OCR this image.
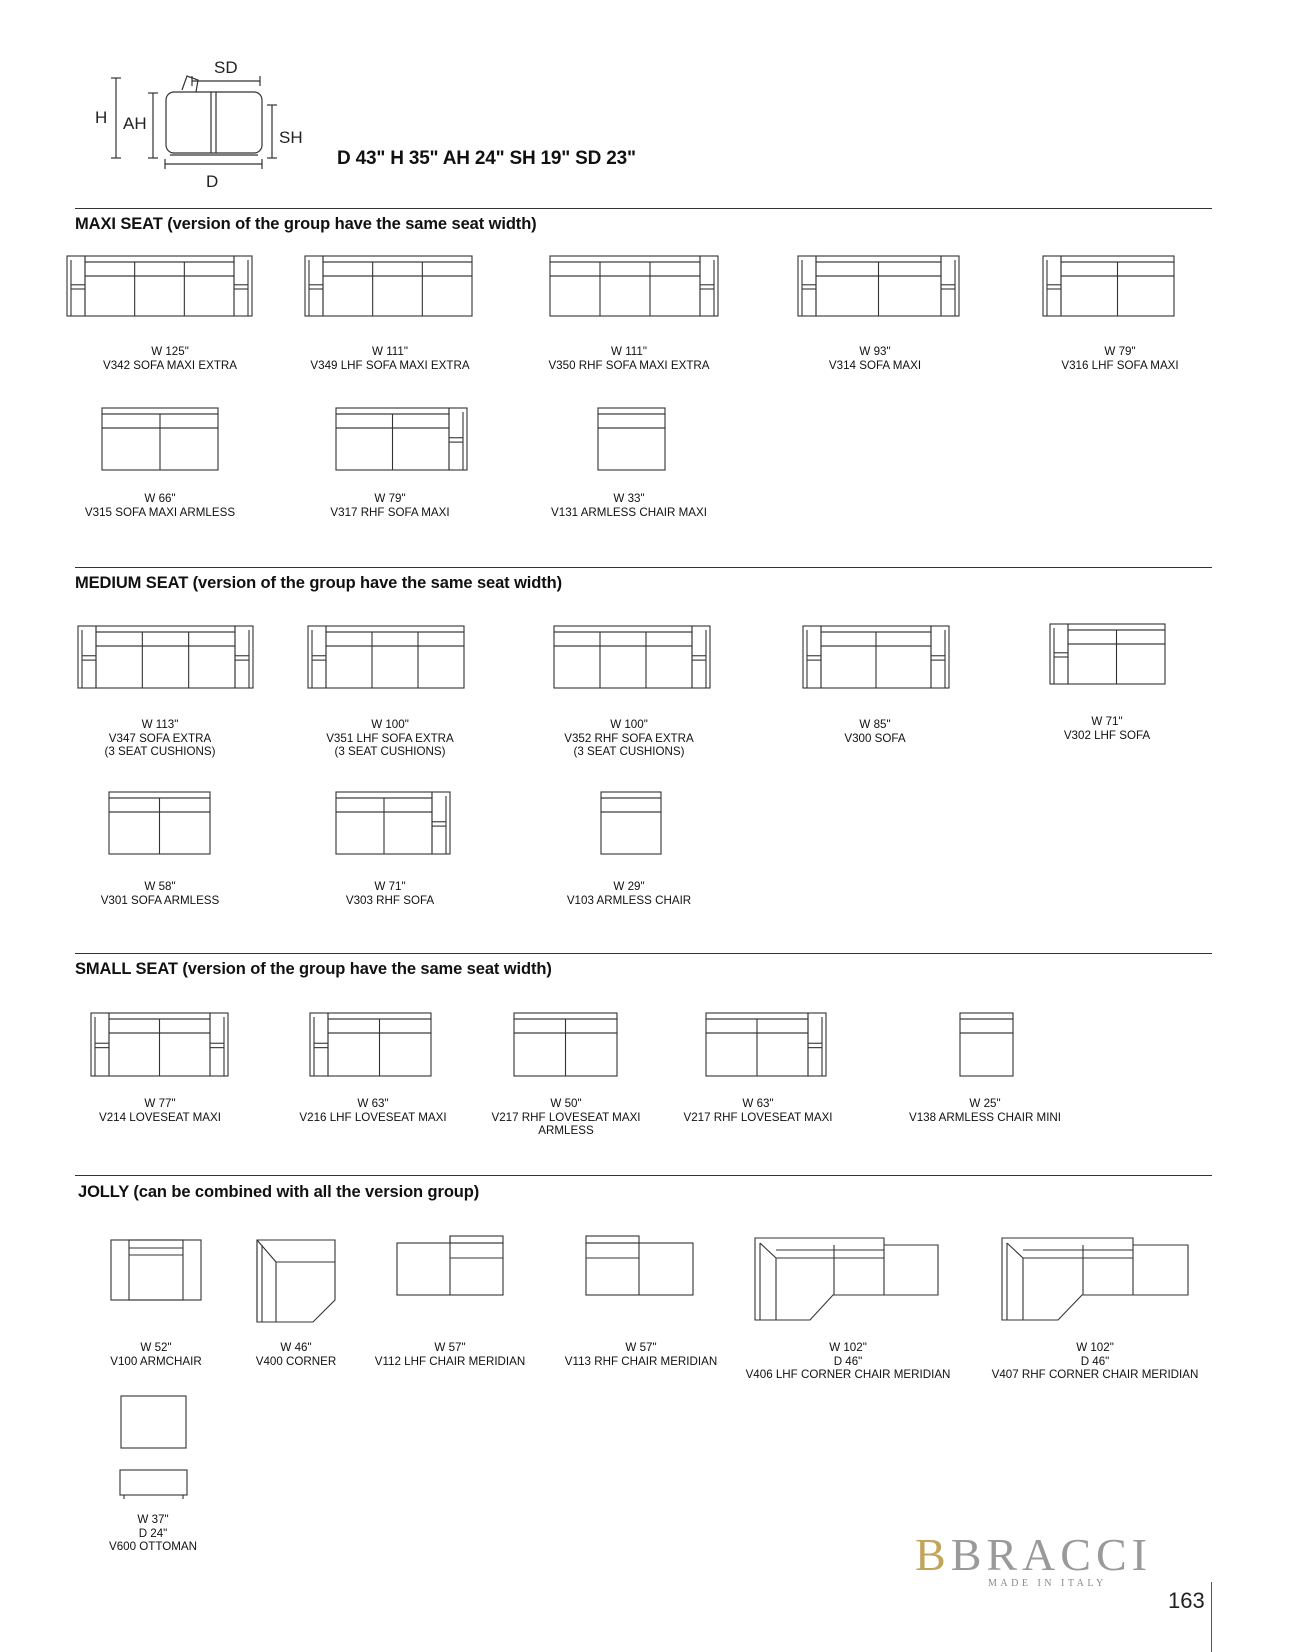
H AH
SD
SH
D
D 43" H 35" AH 24" SH 19" SD 23"
MAXI SEAT (version of the group have the same seat width)
MEDIUM SEAT (version of the group have the same seat width)
SMALL SEAT (version of the group have the same seat width)
JOLLY (can be combined with all the version group)
W 125"
V342 SOFA MAXI EXTRA
W 111"
V349 LHF SOFA MAXI EXTRA
W 111"
V350 RHF SOFA MAXI EXTRA
W 93"
V314 SOFA MAXI
W 79"
V316 LHF SOFA MAXI
W 66"
V315 SOFA MAXI ARMLESS
W 79"
V317 RHF SOFA MAXI
W 33"
V131 ARMLESS CHAIR MAXI
W 113"
V347 SOFA EXTRA
(3 SEAT CUSHIONS)
W 100"
V351 LHF SOFA EXTRA
(3 SEAT CUSHIONS)
W 100"
V352 RHF SOFA EXTRA
(3 SEAT CUSHIONS)
W 85"
V300 SOFA
W 71"
V302 LHF SOFA
W 58"
V301 SOFA ARMLESS
W 71"
V303 RHF SOFA
W 29"
V103 ARMLESS CHAIR
W 77"
V214 LOVESEAT MAXI
W 63"
V216 LHF LOVESEAT MAXI
W 50"
V217 RHF LOVESEAT MAXI
ARMLESS
W 63"
V217 RHF LOVESEAT MAXI
W 25"
V138 ARMLESS CHAIR MINI
W 52"
V100 ARMCHAIR
W 46"
V400 CORNER
W 57"
V112 LHF CHAIR MERIDIAN
W 57"
V113 RHF CHAIR MERIDIAN
W 102"
D 46"
V406 LHF CORNER CHAIR MERIDIAN
W 102"
D 46"
V407 RHF CORNER CHAIR MERIDIAN
W 37"
D 24"
V600 OTTOMAN	BBRACCI
MADE IN ITALY
163
